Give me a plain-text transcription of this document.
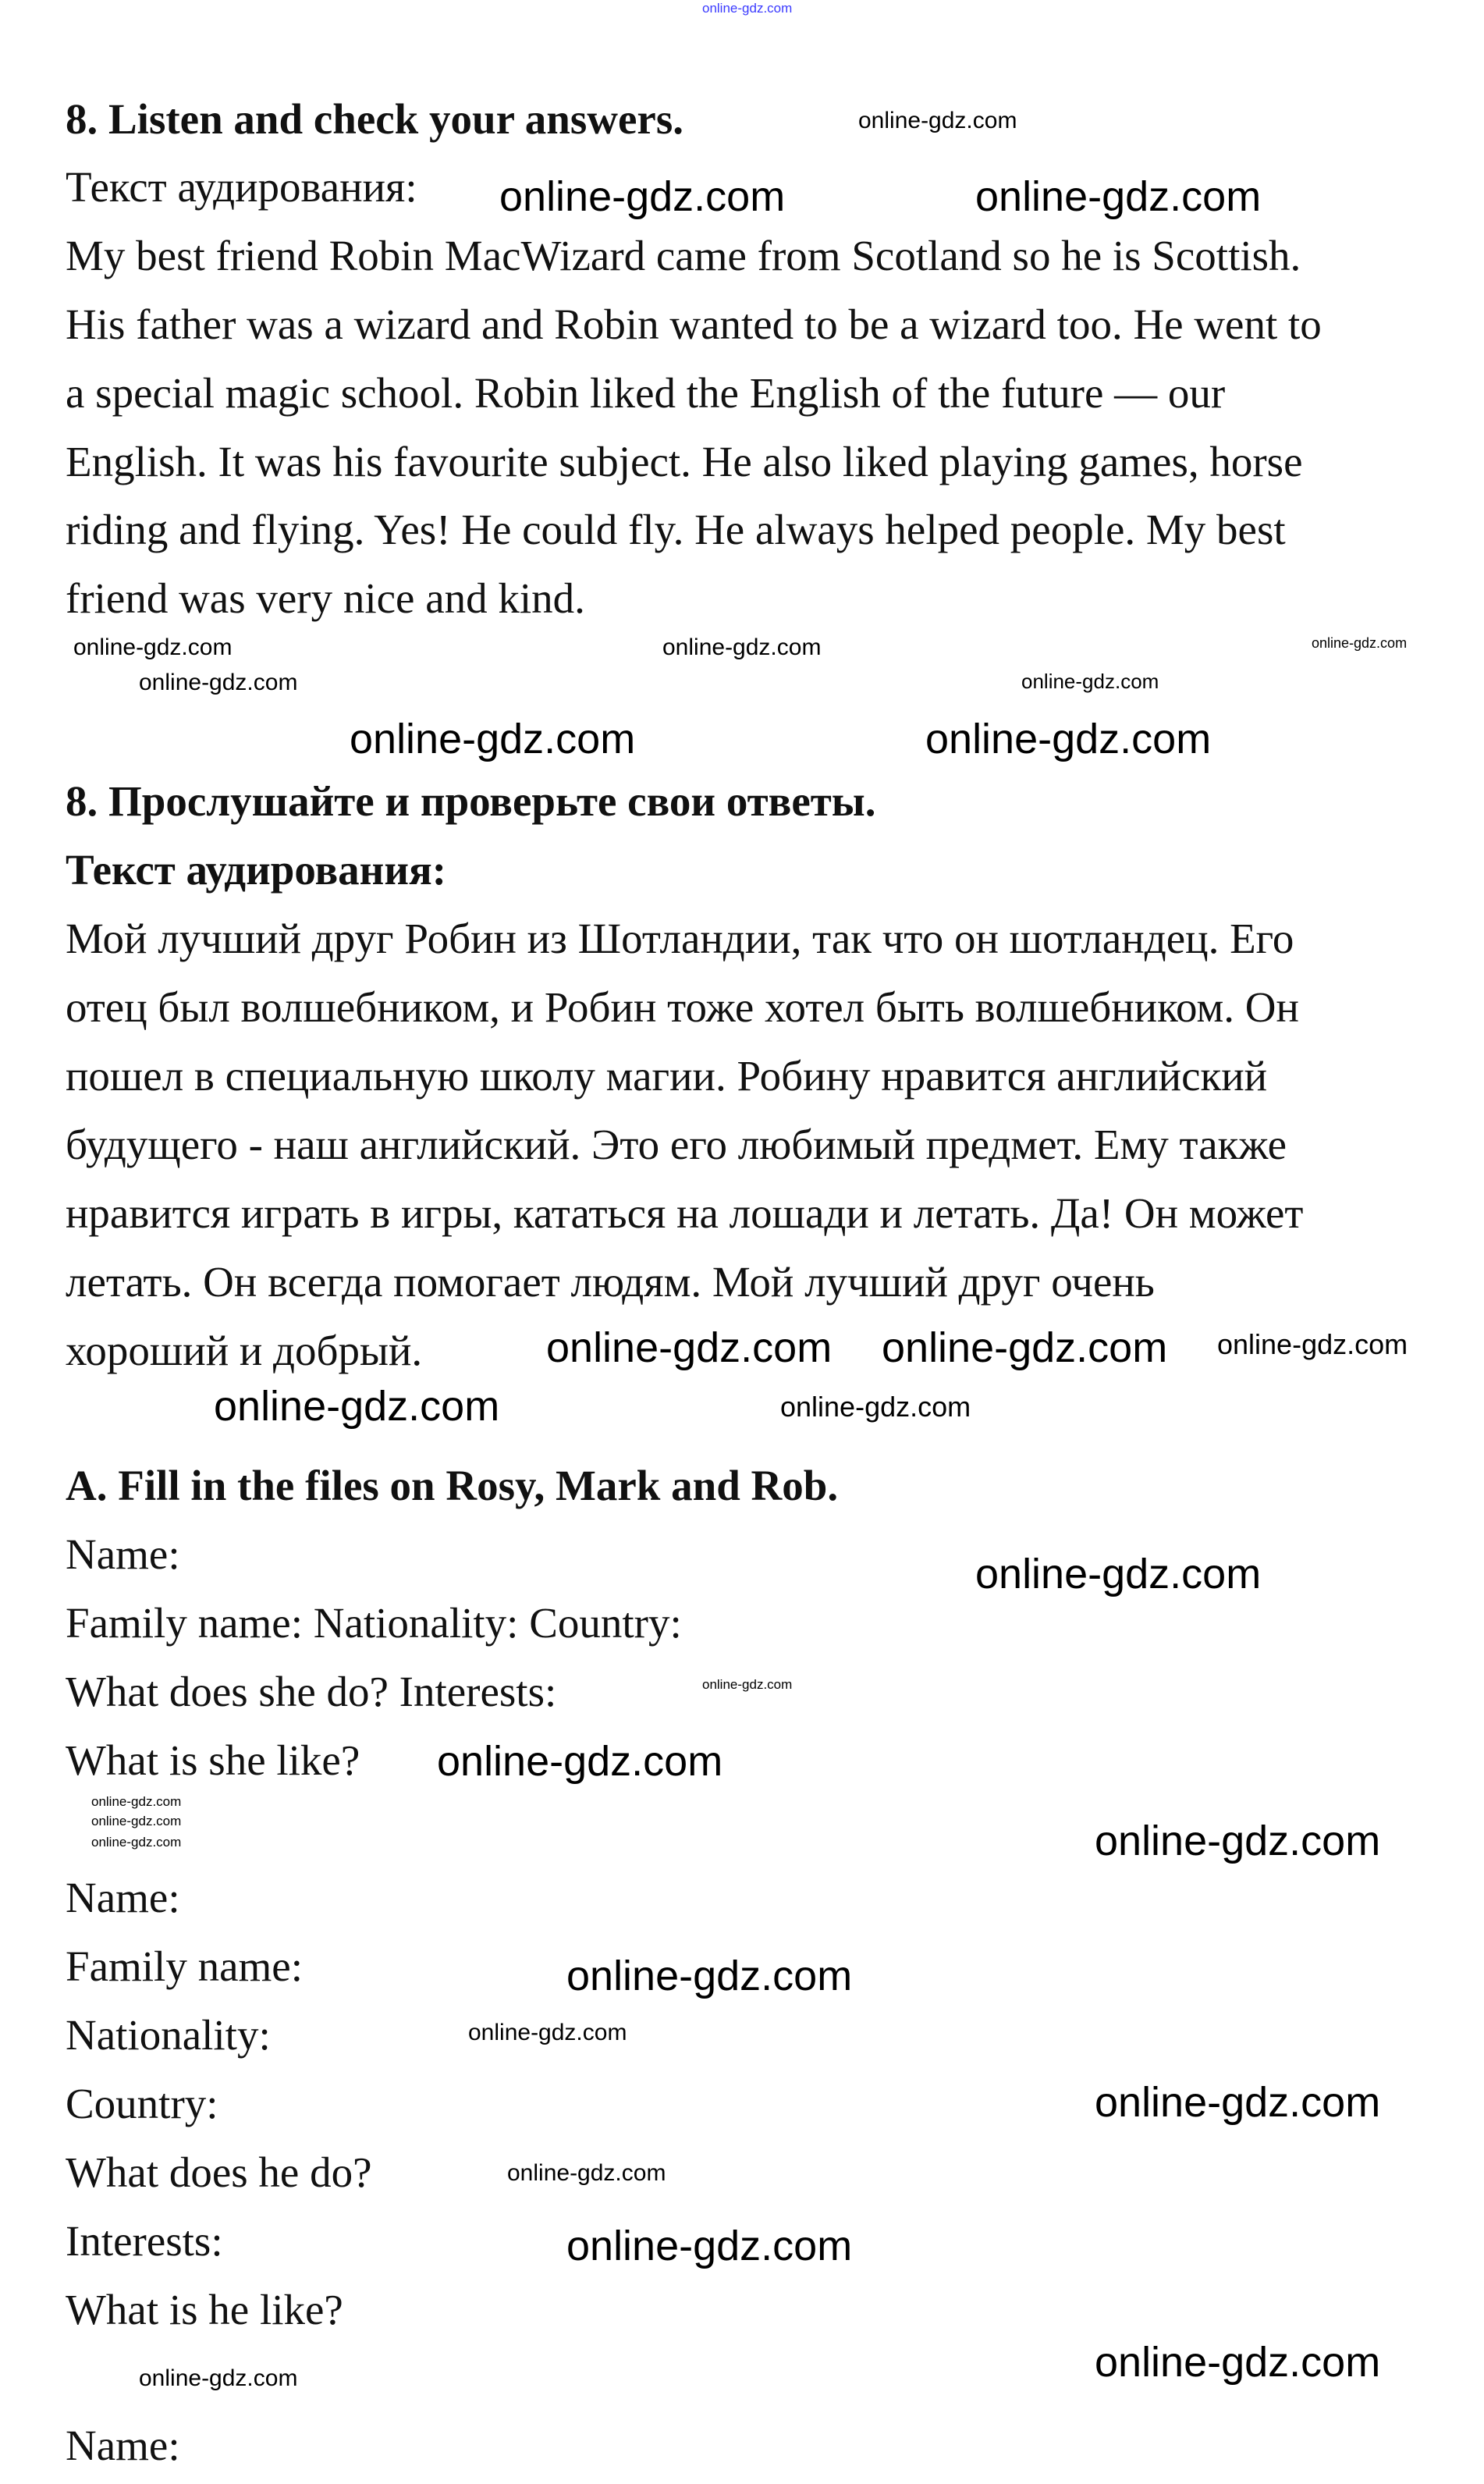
online-gdz.com
online-gdz.com
online-gdz.com	online-gdz.com
online-gdz.com
online-gdz.com
online-gdz.com
online-gdz.com
online-gdz.com
online-gdz.com	online-gdz.com
online-gdz.com
online-gdz.com
online-gdz.com	online-gdz.com
online-gdz.com
online-gdz.com
online-gdz.com
online-gdz.com
online-gdz.com
online-gdz.com	online-gdz.com
online-gdz.com
online-gdz.com
online-gdz.com
online-gdz.com
online-gdz.com
online-gdz.com
online-gdz.com
online-gdz.com
8. Listen and check your answers.
Текст аудирования:
My best friend Robin MacWizard came from Scotland so he is Scottish.
His father was a wizard and Robin wanted to be a wizard too. He went to
a special magic school. Robin liked the English of the future — our
English. It was his favourite subject. He also liked playing games, horse
riding and flying. Yes! He could fly. He always helped people. My best
friend was very nice and kind.
8. Прослушайте и проверьте свои ответы.
Текст аудирования:
Мой лучший друг Робин из Шотландии, так что он шотландец. Его
отец был волшебником, и Робин тоже хотел быть волшебником. Он
пошел в специальную школу магии. Робину нравится английский
будущего - наш английский. Это его любимый предмет. Ему также
нравится играть в игры, кататься на лошади и летать. Да! Он может
летать. Он всегда помогает людям. Мой лучший друг очень
хороший и добрый.
A. Fill in the files on Rosy, Mark and Rob.
Name:
Family name: Nationality: Country:
What does she do? Interests:
What is she like?
Name:
Family name:
Nationality:
Country:
What does he do?
Interests:
What is he like?
Name:
